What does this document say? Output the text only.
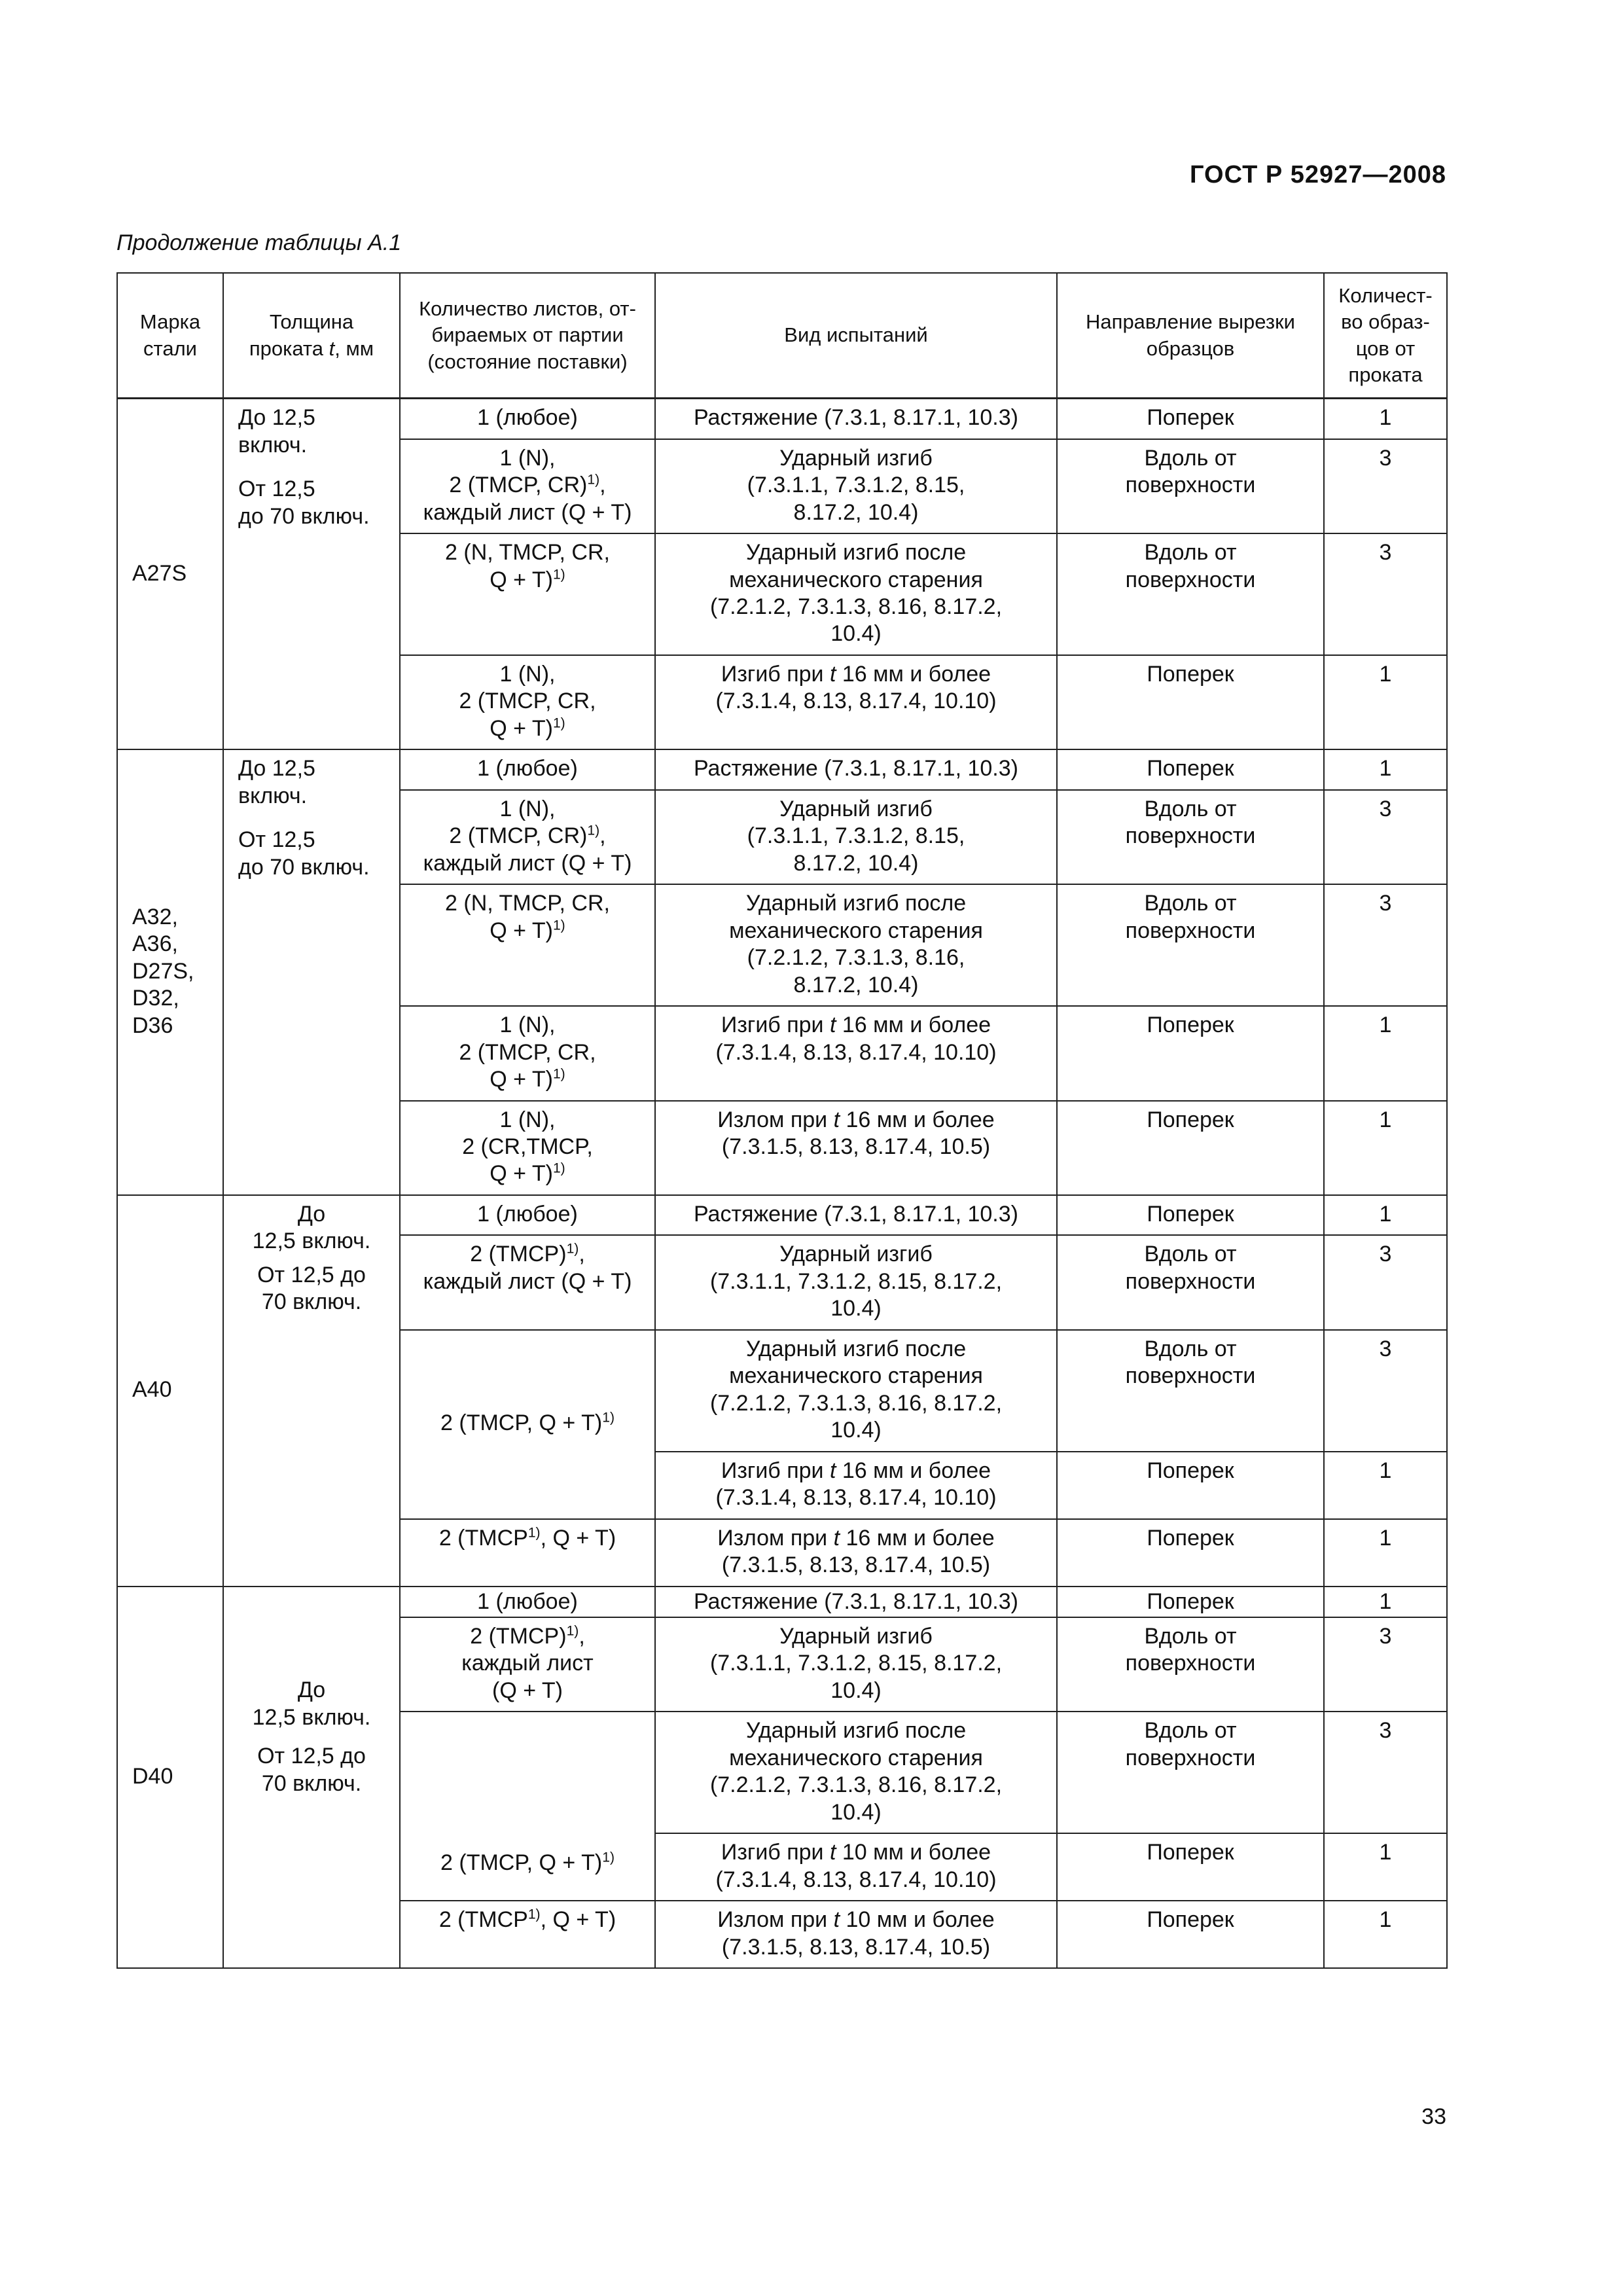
ГОСТ Р 52927—2008
Продолжение таблицы А.1
Марка
стали	Толщина
проката t, мм	Количество листов, от-
бираемых от партии
(состояние поставки)	Вид испытаний	Направление вырезки
образцов	Количест-
во образ-
цов от
проката

A27S	До 12,5
включ.
От 12,5
до 70 включ.	1 (любое)	Растяжение (7.3.1, 8.17.1, 10.3)	Поперек	1

		1 (N),
2 (TMCP, CR)$^{1)}$,
каждый лист (Q + T)	Ударный изгиб
(7.3.1.1, 7.3.1.2, 8.15,
8.17.2, 10.4)	Вдоль от
поверхности	3

		2 (N, TMCP, CR,
Q + T)$^{1)}$	Ударный изгиб после
механического старения
(7.2.1.2, 7.3.1.3, 8.16, 8.17.2,
10.4)	Вдоль от
поверхности	3

		1 (N),
2 (TMCP, CR,
Q + T)$^{1)}$	Изгиб при t 16 мм и более
(7.3.1.4, 8.13, 8.17.4, 10.10)	Поперек	1

A32,
A36,
D27S,
D32,
D36	До 12,5
включ.
От 12,5
до 70 включ.	1 (любое)	Растяжение (7.3.1, 8.17.1, 10.3)	Поперек	1

		1 (N),
2 (TMCP, CR)$^{1)}$,
каждый лист (Q + T)	Ударный изгиб
(7.3.1.1, 7.3.1.2, 8.15,
8.17.2, 10.4)	Вдоль от
поверхности	3

		2 (N, TMCP, CR,
Q + T)$^{1)}$	Ударный изгиб после
механического старения
(7.2.1.2, 7.3.1.3, 8.16,
8.17.2, 10.4)	Вдоль от
поверхности	3

		1 (N),
2 (TMCP, CR,
Q + T)$^{1)}$	Изгиб при t 16 мм и более
(7.3.1.4, 8.13, 8.17.4, 10.10)	Поперек	1

		1 (N),
2 (CR,TMCP,
Q + T)$^{1)}$	Излом при t 16 мм и более
(7.3.1.5, 8.13, 8.17.4, 10.5)	Поперек	1

A40	До
12,5 включ.
От 12,5 до
70 включ.	1 (любое)	Растяжение (7.3.1, 8.17.1, 10.3)	Поперек	1

		2 (TMCP)$^{1)}$,
каждый лист (Q + T)	Ударный изгиб
(7.3.1.1, 7.3.1.2, 8.15, 8.17.2,
10.4)	Вдоль от
поверхности	3

		2 (TMCP, Q + T)$^{1)}$	Ударный изгиб после
механического старения
(7.2.1.2, 7.3.1.3, 8.16, 8.17.2,
10.4)	Вдоль от
поверхности	3

			Изгиб при t 16 мм и более
(7.3.1.4, 8.13, 8.17.4, 10.10)	Поперек	1

		2 (TMCP$^{1)}$, Q + T)	Излом при t 16 мм и более
(7.3.1.5, 8.13, 8.17.4, 10.5)	Поперек	1

D40	До
12,5 включ.
От 12,5 до
70 включ.	1 (любое)	Растяжение (7.3.1, 8.17.1, 10.3)	Поперек	1

		2 (TMCP)$^{1)}$,
каждый лист
(Q + T)	Ударный изгиб
(7.3.1.1, 7.3.1.2, 8.15, 8.17.2,
10.4)	Вдоль от
поверхности	3

		2 (TMCP, Q + T)$^{1)}$	Ударный изгиб после
механического старения
(7.2.1.2, 7.3.1.3, 8.16, 8.17.2,
10.4)	Вдоль от
поверхности	3

			Изгиб при t 10 мм и более
(7.3.1.4, 8.13, 8.17.4, 10.10)	Поперек	1

		2 (TMCP$^{1)}$, Q + T)	Излом при t 10 мм и более
(7.3.1.5, 8.13, 8.17.4, 10.5)	Поперек	1
33
